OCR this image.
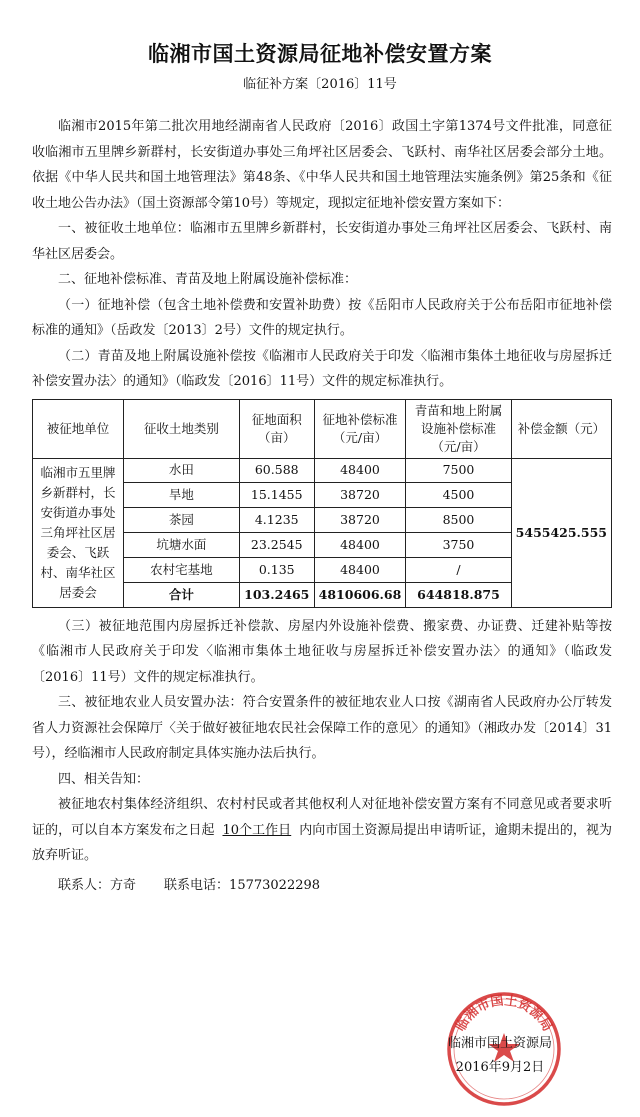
临湘市国土资源局征地补偿安置方案
临征补方案〔2016〕11号

临湘市2015年第二批次用地经湖南省人民政府〔2016〕政国土字第1374号文件批准，同意征收临湘市五里牌乡新群村，长安街道办事处三角坪社区居委会、飞跃村、南华社区居委会部分土地。依据《中华人民共和国土地管理法》第48条、《中华人民共和国土地管理法实施条例》第25条和《征收土地公告办法》（国土资源部令第10号）等规定，现拟定征地补偿安置方案如下：

一、被征收土地单位：临湘市五里牌乡新群村，长安街道办事处三角坪社区居委会、飞跃村、南华社区居委会。

二、征地补偿标准、青苗及地上附属设施补偿标准：

（一）征地补偿（包含土地补偿费和安置补助费）按《岳阳市人民政府关于公布岳阳市征地补偿标准的通知》（岳政发〔2013〕2号）文件的规定执行。

（二）青苗及地上附属设施补偿按《临湘市人民政府关于印发〈临湘市集体土地征收与房屋拆迁补偿安置办法〉的通知》（临政发〔2016〕11号）文件的规定标准执行。

被征地单位	征收土地类别	征地面积（亩）	征地补偿标准（元/亩）	青苗和地上附属设施补偿标准（元/亩）	补偿金额（元）
临湘市五里牌乡新群村，长安街道办事处三角坪社区居委会、飞跃村、南华社区居委会	水田	60.588	48400	7500	5455425.555
	旱地	15.1455	38720	4500	
	茶园	4.1235	38720	8500	
	坑塘水面	23.2545	48400	3750	
	农村宅基地	0.135	48400	/	
	合计	103.2465	4810606.68	644818.875	

（三）被征地范围内房屋拆迁补偿款、房屋内外设施补偿费、搬家费、办证费、迁建补贴等按《临湘市人民政府关于印发〈临湘市集体土地征收与房屋拆迁补偿安置办法〉的通知》（临政发〔2016〕11号）文件的规定标准执行。

三、被征地农业人员安置办法：符合安置条件的被征地农业人口按《湖南省人民政府办公厅转发省人力资源社会保障厅〈关于做好被征地农民社会保障工作的意见〉的通知》（湘政办发〔2014〕31号），经临湘市人民政府制定具体实施办法后执行。

四、相关告知：

被征地农村集体经济组织、农村村民或者其他权利人对征地补偿安置方案有不同意见或者要求听证的，可以自本方案发布之日起 10个工作日 内向市国土资源局提出申请听证，逾期未提出的，视为放弃听证。

联系人：方奇 联系电话：15773022298

临湘市国土资源局
临湘市国土资源局
2016年9月2日
